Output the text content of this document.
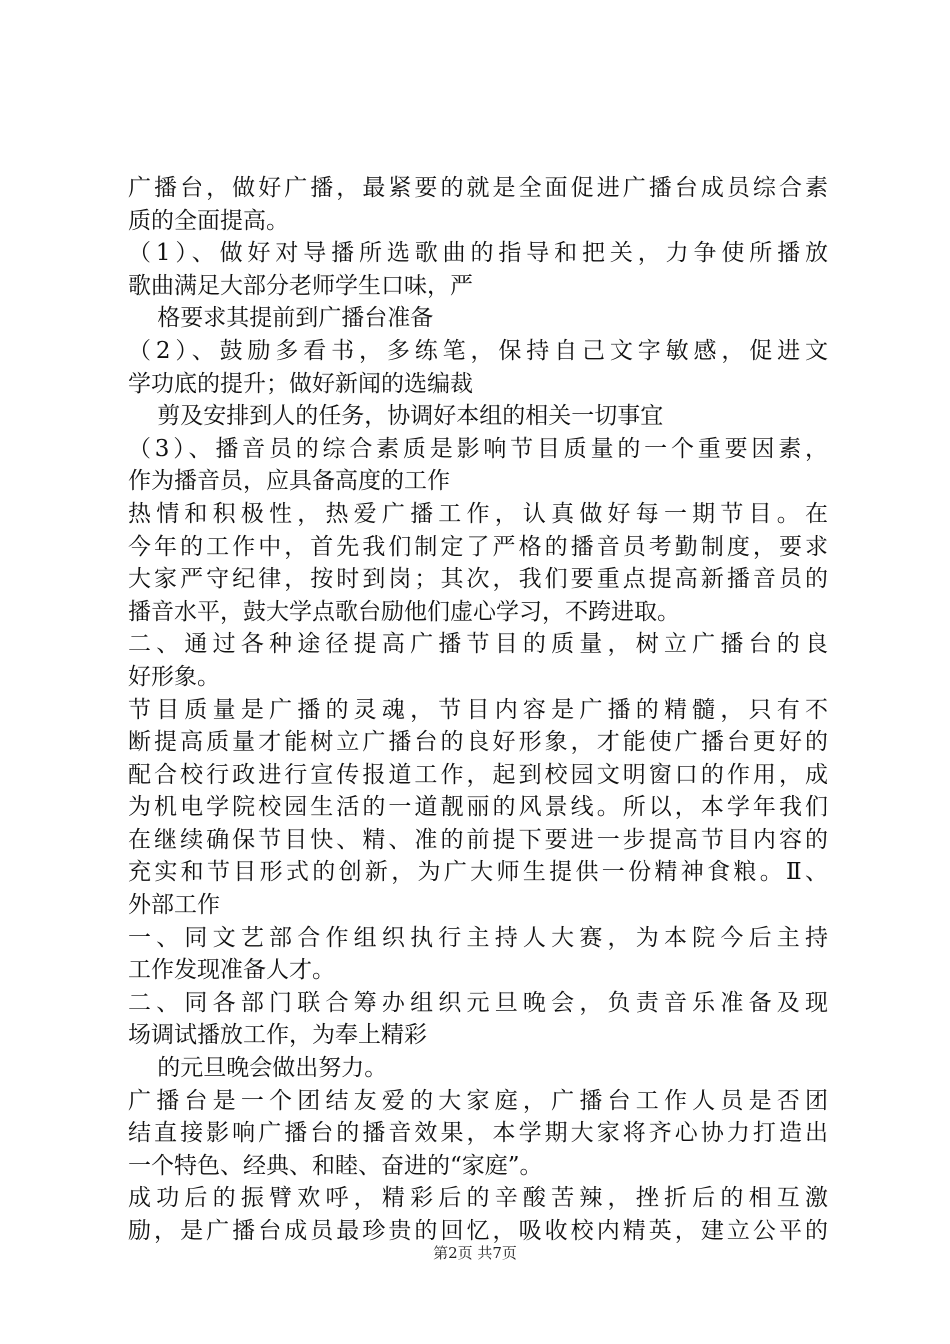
广播台，做好广播，最紧要的就是全面促进广播台成员综合素
质的全面提高。
（1）、做好对导播所选歌曲的指导和把关，力争使所播放
歌曲满足大部分老师学生口味，严
格要求其提前到广播台准备
（2）、鼓励多看书，多练笔，保持自己文字敏感，促进文
学功底的提升；做好新闻的选编裁
剪及安排到人的任务，协调好本组的相关一切事宜
（3）、播音员的综合素质是影响节目质量的一个重要因素，
作为播音员，应具备高度的工作
热情和积极性，热爱广播工作，认真做好每一期节目。在
今年的工作中，首先我们制定了严格的播音员考勤制度，要求
大家严守纪律，按时到岗；其次，我们要重点提高新播音员的
播音水平，鼓大学点歌台励他们虚心学习，不跨进取。
二、通过各种途径提高广播节目的质量，树立广播台的良
好形象。
节目质量是广播的灵魂，节目内容是广播的精髓，只有不
断提高质量才能树立广播台的良好形象，才能使广播台更好的
配合校行政进行宣传报道工作，起到校园文明窗口的作用，成
为机电学院校园生活的一道靓丽的风景线。所以，本学年我们
在继续确保节目快、精、准的前提下要进一步提高节目内容的
充实和节目形式的创新，为广大师生提供一份精神食粮。Ⅱ、
外部工作
一、同文艺部合作组织执行主持人大赛，为本院今后主持
工作发现准备人才。
二、同各部门联合筹办组织元旦晚会，负责音乐准备及现
场调试播放工作，为奉上精彩
的元旦晚会做出努力。
广播台是一个团结友爱的大家庭，广播台工作人员是否团
结直接影响广播台的播音效果，本学期大家将齐心协力打造出
一个特色、经典、和睦、奋进的“家庭”。
成功后的振臂欢呼，精彩后的辛酸苦辣，挫折后的相互激
励，是广播台成员最珍贵的回忆，吸收校内精英，建立公平的
第2页 共7页
